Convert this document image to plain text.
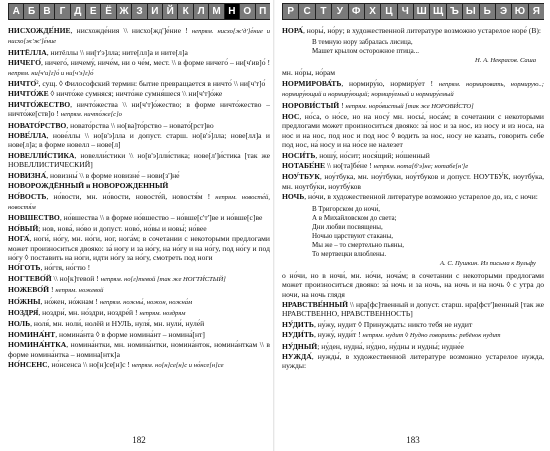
А Б В Г Д Е Ё Ж З И Й К Л М Н О П
НИСХОЖДЕ́НИЕ, нисхожде́ния \\ нисхо[жд']е́ние ! непрям. нисхо[ж'д']е́ние и нисхо[ж'ж']е́ние
НИТЁЛЛА, нитёллы \\ ни[т'э]лла; ните[лл]а и ните[л]а
НИЧЕГО́, ничего́, ничему́, ниче́м, ни о че́м, мест. \\ в форме ничего́ – ни[ч'ив]о́ ! непрям. ни[ч'и]г]о́ и ни[ч'э]г]о́
НИЧТО́², сущ. ◊ Философский термин: бытие превращается в ничто́ \\ ни[ч'т]о́
НИЧТО́ЖЕ ◊ ничто́же сумняся; ничто́же сумня́шеся \\ ни[ч'т]о́же
НИЧТО́ЖЕСТВО, ничто́жества \\ ни[ч'т]о́жество; в форме ничто́жество – ничто́же[ств]о ! непрям. ничто́же[с]о
НОВАТО́РСТВО, новато́рства \\ но[ва]то́рство – новато́[рст]во
НОВЕ́ЛЛА, нове́ллы \\ но[в'э]лла и допуст. старш. но[в'э́]лла; нове[лл]а и нове[л]а; в форме новелл – нове[л]
НОВЕЛЛИ́СТИКА, новелли́стики \\ но[в'э]лли́стика; нове[л']и́стика [так же НОВЕЛЛИСТИЧЕСКИЙ]
НОВИЗНА́, новизны́ \\ в форме новизне́ – нови[з']не́
НОВОРОЖДЁННЫЙ и НОВОРОЖДЕННЫЙ
НО́ВОСТЬ, но́вости, мн. но́вости, новосте́й, новостя́м ! непрям. новосте́й, новостя́м
НОВШЕСТВО, но́вшества \\ в форме но́вшество – но́вше[с'т']ве и но́вше[с]ве
НО́ВЫЙ; нов, нова́, но́во и допуст. ново́, но́вы и новы́; но́вее
НОГА́, ноги́, но́гу, мн. но́ги, ног, нога́м; в сочетании с некоторыми предлогами может произноситься двояко: за́ ногу и за но́гу, на но́гу и на но́гу, под но́гу и под но́гу ◊ поставить на но́ги, идти но́гу за но́гу, смотреть под ноги
НО́ГОТЬ, но́гтя, но́гтю !
НОГТЕВО́Й \\ но[к]тевой ! непрям. но[г]тевой [так же НОГТИ́СТЫЙ]
НОЖЕВО́Й ! непрям. ножевой
НО́ЖНЫ, но́жен, но́жнам ! непрям. ножны́, ножон, ножна́м
НОЗДРЯ́, ноздри́, мн. но́здри, ноздре́й ! непрям. ноздрям
НОЛЬ, ноля́, мн. ноли́, нолёй и НУЛЬ, нуля́, мн. нули́, нуле́й
НОМИНА́НТ, номина́нта ◊ в форме номина́нт – номина́[нт]
НОМИНА́НТКА, номина́нтки, мн. номина́нтки, номина́нток, номина́нткам \\ в форме номина́нтка – номина[нтк]а
НО́НСЕНС, но́нсенса \\ но[н]се[н]с ! непрям. но[н]се[н]с и но́нсе[н]се
182
Р С Т	У Ф Х Ц Ч Ш Щ Ъ Ы Ь Э Ю Я
НОРА́, норы́, но́ру; в художественной литературе возможно устарелое норе́ (В):
В темную нору забралась лисица,
Машет крылом осторожное птица...
Н. А. Некрасов. Саша
мн. но́ры, но́рам
НОРМИРОВА́ТЬ, нормиру́ю, нормиру́ет ! непрям. нормировать, нормирую..; нормиру́ющий и нормиру́ющий; нормиру́емый и нормиру́емый
НОРОВИ́СТЫЙ ! непрям. норо́вистый [так же НОРОВИ́СТО]
НОС, но́са, о но́се, но на носу́ мн. носы́, носа́м; в сочетании с некоторыми предлогами может произноситься двояко: за́ нос и за нос, из носу и из носа, на нос и на нос, под нос и под нос ◊ водить за нос, носу не казать, говорить себе под нос, на́ носу и на но́се не налезет
НОСИ́ТЬ, ношу́, но́сит; нося́щий; но́шенный
НОТАБЕ́НЕ \\ но[та]бе́не ! непрям. нота[б'э]не; нотабе[н']е
НОУ́ТБУК, ноу́тбука, мн. ноу́тбуки, ноу́тбуков и допуст. НОУТБУ́К, ноутбу́ка, мн. ноутбу́ки, ноутбу́ков
НОЧЬ, но́чи, в художественной литературе возможно устарелое до, из, с ночи:
В Тригорском до ночи́,
А в Михайловском до света;
Дни любви посвящены,
Ночью царствуют стаканы,
Мы же – то смертельно пьяны,
То мертвецки влюблены.
А. С. Пушкин. Из письма к Вульфу
о но́чи, но в ночи́, мн. но́чи, ноча́м; в сочетании с некоторыми предлогами может произноситься двояко: за́ ночь и за ночь, на ночь и на ночь ◊ с утра до ночи, на ночь глядя
НРАВСТВЕ́ННЫЙ \\ нра[фс]твенный и допуст. старш. нра[фст']венный [так же НРАВСТВЕННО, НРАВСТВЕННОСТЬ]
НУ́ДИТЬ, ну́жу, нудит ◊ Принуждать: никто тебя не нудит
НУДИ́ТЬ, нужу́, нуди́т ! непрям. нудит ◊ Нудно говорить: ребёнок нудит
НУ́ДНЫЙ; ну́ден, нудна́, ну́дно, ну́дны и нудны́; нудне́е
НУЖДА́, нужды́, в художественной литературе возможно устарелое нужда, нужды:
183
